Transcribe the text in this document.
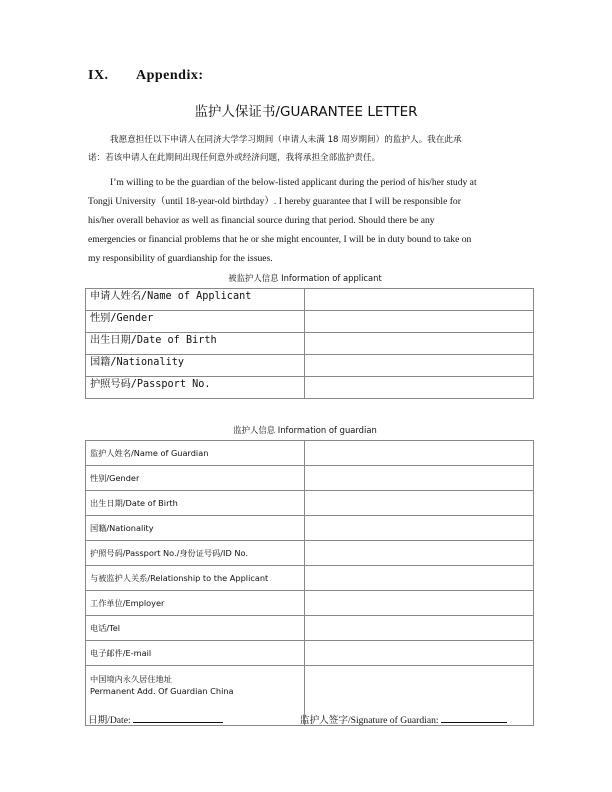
IX. Appendix:
监护人保证书/GUARANTEE LETTER
我愿意担任以下申请人在同济大学学习期间（申请人未满 18 周岁期间）的监护人。我在此承
诺：若该申请人在此期间出现任何意外或经济问题，我将承担全部监护责任。
I’m willing to be the guardian of the below-listed applicant during the period of his/her study at
Tongji University（until 18-year-old birthday）. I hereby guarantee that I will be responsible for
his/her overall behavior as well as financial source during that period. Should there be any
emergencies or financial problems that he or she might encounter, I will be in duty bound to take on
my responsibility of guardianship for the issues.
被监护人信息 Information of applicant
申请人姓名/Name of Applicant	
性别/Gender	
出生日期/Date of Birth	
国籍/Nationality	
护照号码/Passport No.	
监护人信息 Information of guardian
监护人姓名/Name of Guardian	
性别/Gender	
出生日期/Date of Birth	
国籍/Nationality	
护照号码/Passport No./身份证号码/ID No.	
与被监护人关系/Relationship to the Applicant	
工作单位/Employer	
电话/Tel	
电子邮件/E-mail	

中国境内永久居住地址
Permanent Add. Of Guardian China	

日期/Date:	监护人签字/Signature of Guardian:
